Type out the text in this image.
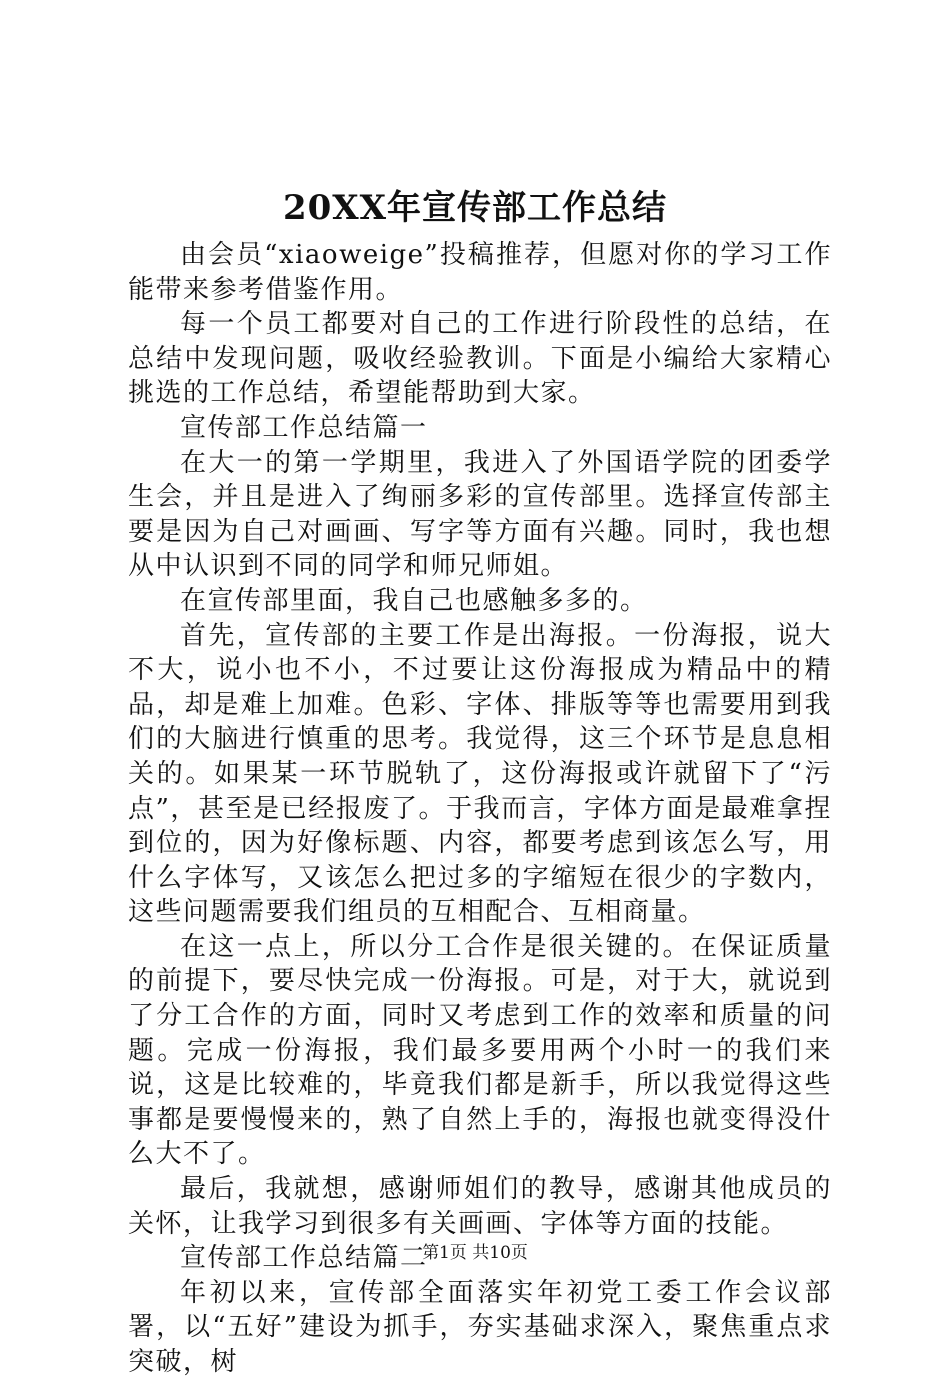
20XX年宣传部工作总结

由会员“xiaoweige”投稿推荐，但愿对你的学习工作能带来参考借鉴作用。

每一个员工都要对自己的工作进行阶段性的总结，在总结中发现问题，吸收经验教训。下面是小编给大家精心挑选的工作总结，希望能帮助到大家。

宣传部工作总结篇一

在大一的第一学期里，我进入了外国语学院的团委学生会，并且是进入了绚丽多彩的宣传部里。选择宣传部主要是因为自己对画画、写字等方面有兴趣。同时，我也想从中认识到不同的同学和师兄师姐。

在宣传部里面，我自己也感触多多的。

首先，宣传部的主要工作是出海报。一份海报，说大不大，说小也不小，不过要让这份海报成为精品中的精品，却是难上加难。色彩、字体、排版等等也需要用到我们的大脑进行慎重的思考。我觉得，这三个环节是息息相关的。如果某一环节脱轨了，这份海报或许就留下了“污点”，甚至是已经报废了。于我而言，字体方面是最难拿捏到位的，因为好像标题、内容，都要考虑到该怎么写，用什么字体写，又该怎么把过多的字缩短在很少的字数内，这些问题需要我们组员的互相配合、互相商量。

在这一点上，所以分工合作是很关键的。在保证质量的前提下，要尽快完成一份海报。可是，对于大，就说到了分工合作的方面，同时又考虑到工作的效率和质量的问题。完成一份海报，我们最多要用两个小时一的我们来说，这是比较难的，毕竟我们都是新手，所以我觉得这些事都是要慢慢来的，熟了自然上手的，海报也就变得没什么大不了。

最后，我就想，感谢师姐们的教导，感谢其他成员的关怀，让我学习到很多有关画画、字体等方面的技能。

宣传部工作总结篇二

年初以来，宣传部全面落实年初党工委工作会议部署，以“五好”建设为抓手，夯实基础求深入，聚焦重点求突破，树

第1页 共10页
